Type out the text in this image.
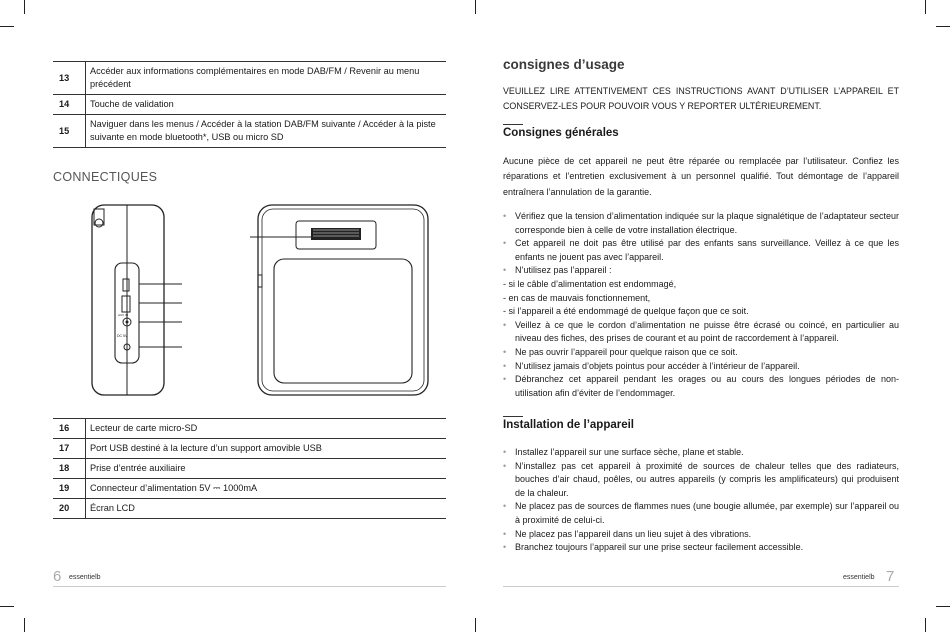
13	Accéder aux informations complémentaires en mode DAB/FM / Revenir au menu précédent
14	Touche de validation
15	Naviguer dans les menus / Accéder à la station DAB/FM suivante / Accéder à la piste suivante en mode bluetooth*, USB ou micro SD
CONNECTIQUES
DC 5V
AUX IN
16	Lecteur de carte micro-SD
17	Port USB destiné à la lecture d’un support amovible USB
18	Prise d’entrée auxiliaire
19	Connecteur d’alimentation 5V ⎓ 1000mA
20	Écran LCD
6 essentielb
consignes d’usage
VEUILLEZ LIRE ATTENTIVEMENT CES INSTRUCTIONS AVANT D’UTILISER L’APPAREIL ET CONSERVEZ-LES POUR POUVOIR VOUS Y REPORTER ULTÉRIEUREMENT.
Consignes générales
Aucune pièce de cet appareil ne peut être réparée ou remplacée par l’utilisateur. Confiez les réparations et l’entretien exclusivement à un personnel qualifié. Tout démontage de l’appareil entraînera l’annulation de la garantie.
• Vérifiez que la tension d’alimentation indiquée sur la plaque signalétique de l’adaptateur secteur corresponde bien à celle de votre installation électrique.
• Cet appareil ne doit pas être utilisé par des enfants sans surveillance. Veillez à ce que les enfants ne jouent pas avec l’appareil.
• N’utilisez pas l’appareil :
- si le câble d’alimentation est endommagé,
- en cas de mauvais fonctionnement,
- si l’appareil a été endommagé de quelque façon que ce soit.
• Veillez à ce que le cordon d’alimentation ne puisse être écrasé ou coincé, en particulier au niveau des fiches, des prises de courant et au point de raccordement à l’appareil.
• Ne pas ouvrir l’appareil pour quelque raison que ce soit.
• N’utilisez jamais d’objets pointus pour accéder à l’intérieur de l’appareil.
• Débranchez cet appareil pendant les orages ou au cours des longues périodes de non-utilisation afin d’éviter de l’endommager.
Installation de l’appareil
• Installez l’appareil sur une surface sèche, plane et stable.
• N’installez pas cet appareil à proximité de sources de chaleur telles que des radiateurs, bouches d’air chaud, poêles, ou autres appareils (y compris les amplificateurs) qui produisent de la chaleur.
• Ne placez pas de sources de flammes nues (une bougie allumée, par exemple) sur l’appareil ou à proximité de celui-ci.
• Ne placez pas l’appareil dans un lieu sujet à des vibrations.
• Branchez toujours l’appareil sur une prise secteur facilement accessible.
essentielb 7
